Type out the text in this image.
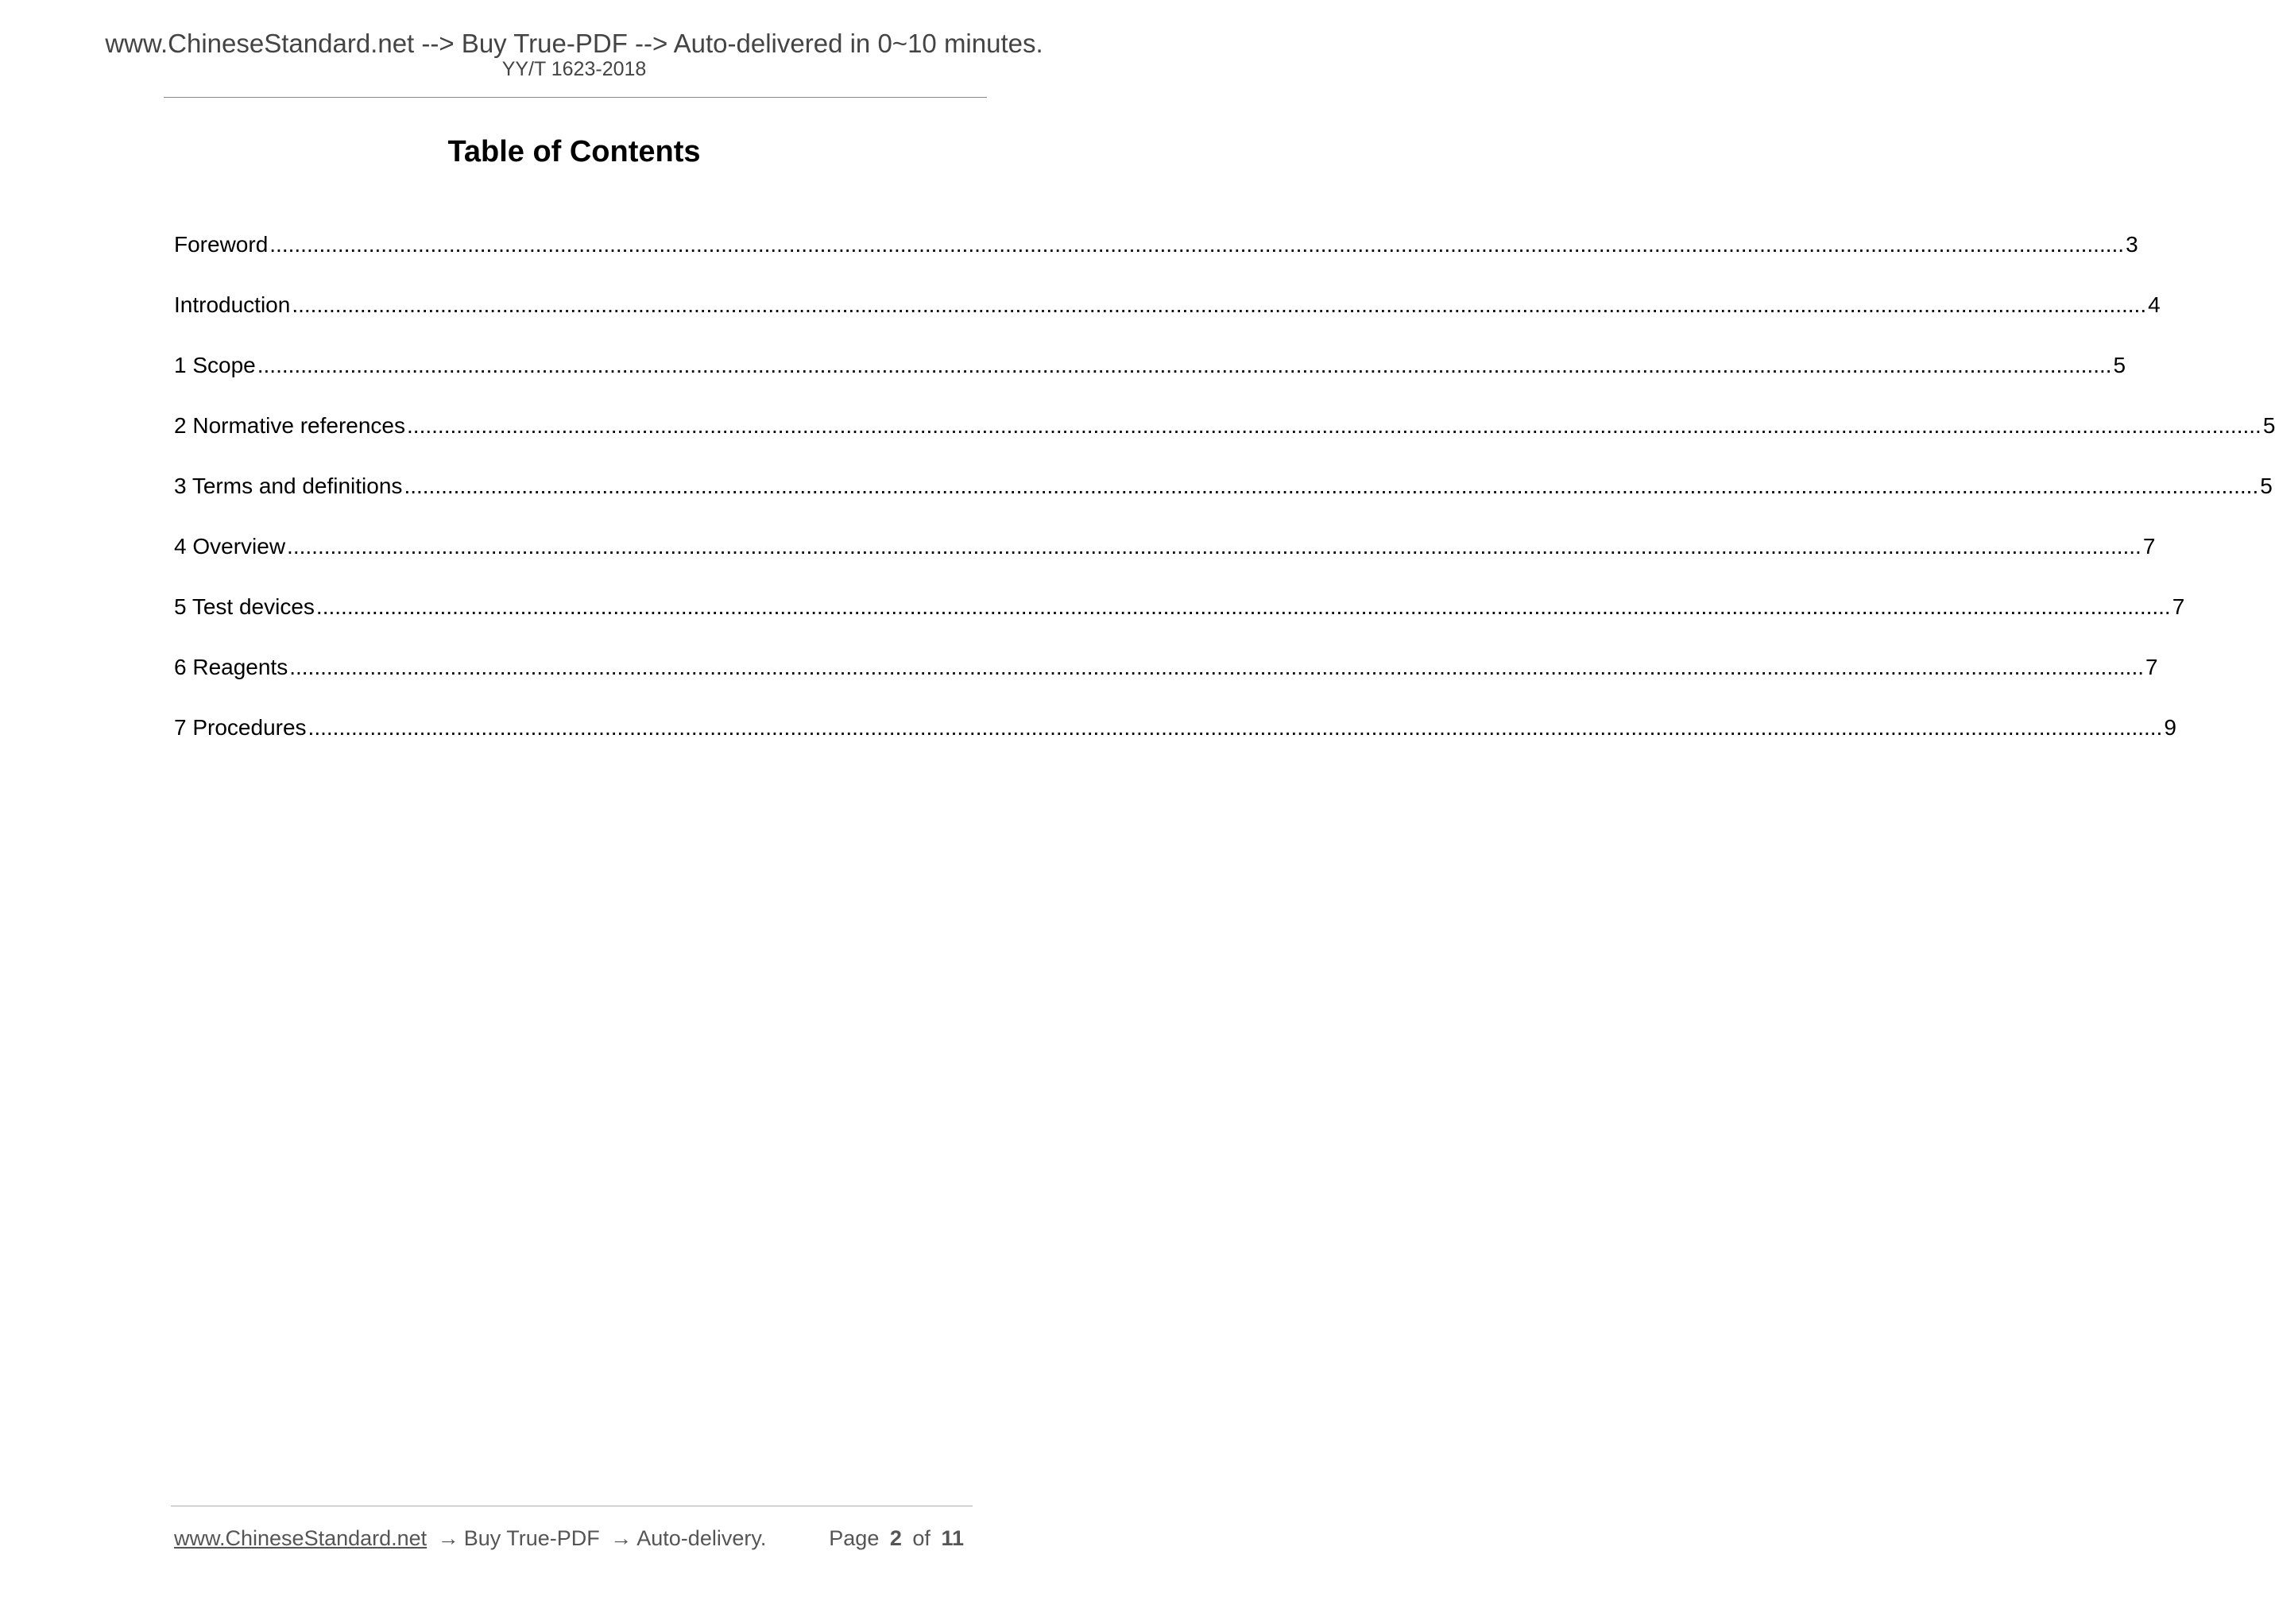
www.ChineseStandard.net --> Buy True-PDF --> Auto-delivered in 0~10 minutes.
YY/T 1623-2018
Table of Contents
Foreword ............................................................................................................................................................................................................................................................................................................ 3
Introduction ............................................................................................................................................................................................................................................................................................................ 4
1 Scope ............................................................................................................................................................................................................................................................................................................ 5
2 Normative references ............................................................................................................................................................................................................................................................................................................ 5
3 Terms and definitions ............................................................................................................................................................................................................................................................................................................ 5
4 Overview ............................................................................................................................................................................................................................................................................................................ 7
5 Test devices ............................................................................................................................................................................................................................................................................................................ 7
6 Reagents ............................................................................................................................................................................................................................................................................................................ 7
7 Procedures ............................................................................................................................................................................................................................................................................................................ 9
www.ChineseStandard.net → Buy True-PDF → Auto-delivery.	Page 2 of 11
